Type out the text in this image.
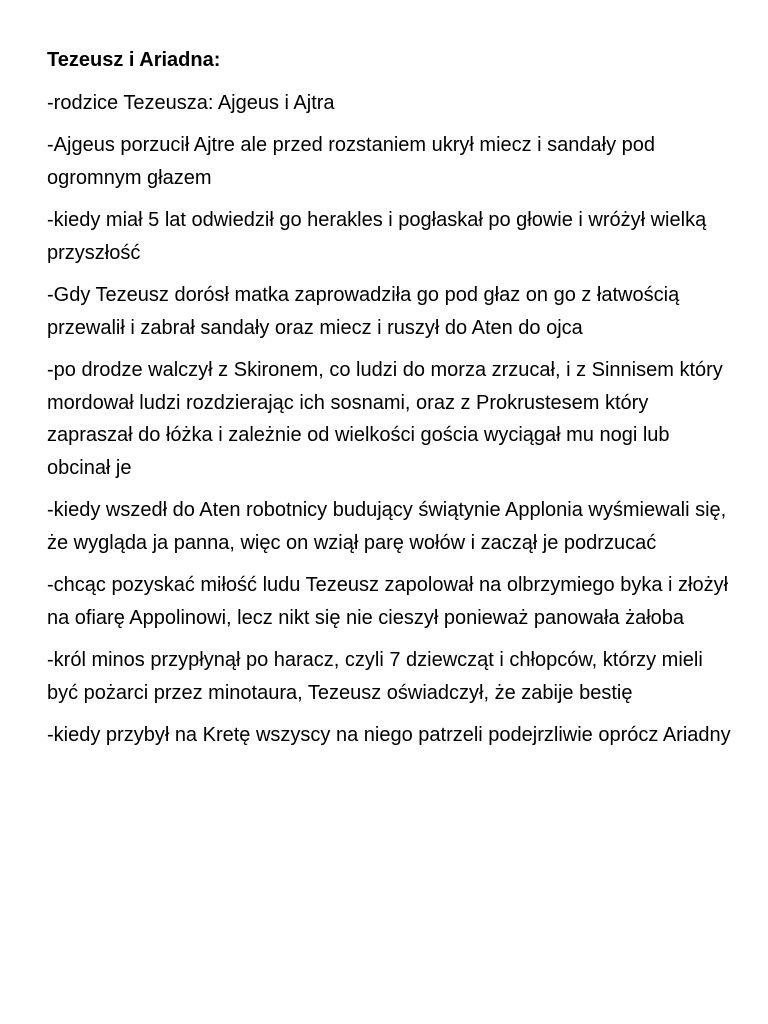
Tezeusz i Ariadna:

-rodzice Tezeusza: Ajgeus i Ajtra

-Ajgeus porzucił Ajtre ale przed rozstaniem ukrył miecz i sandały pod ogromnym głazem

-kiedy miał 5 lat odwiedził go herakles i pogłaskał po głowie i wróżył wielką przyszłość

-Gdy Tezeusz dorósł matka zaprowadziła go pod głaz on go z łatwością przewalił i zabrał sandały oraz miecz i ruszył do Aten do ojca

-po drodze walczył z Skironem, co ludzi do morza zrzucał, i z Sinnisem który mordował ludzi rozdzierając ich sosnami, oraz z Prokrustesem który zapraszał do łóżka i zależnie od wielkości gościa wyciągał mu nogi lub obcinał je

-kiedy wszedł do Aten robotnicy budujący świątynie Applonia wyśmiewali się, że wygląda ja panna, więc on wziął parę wołów i zaczął je podrzucać

-chcąc pozyskać miłość ludu Tezeusz zapolował na olbrzymiego byka i złożył na ofiarę Appolinowi, lecz nikt się nie cieszył ponieważ panowała żałoba

-król minos przypłynął po haracz, czyli 7 dziewcząt i chłopców, którzy mieli być pożarci przez minotaura, Tezeusz oświadczył, że zabije bestię

-kiedy przybył na Kretę wszyscy na niego patrzeli podejrzliwie oprócz Ariadny
